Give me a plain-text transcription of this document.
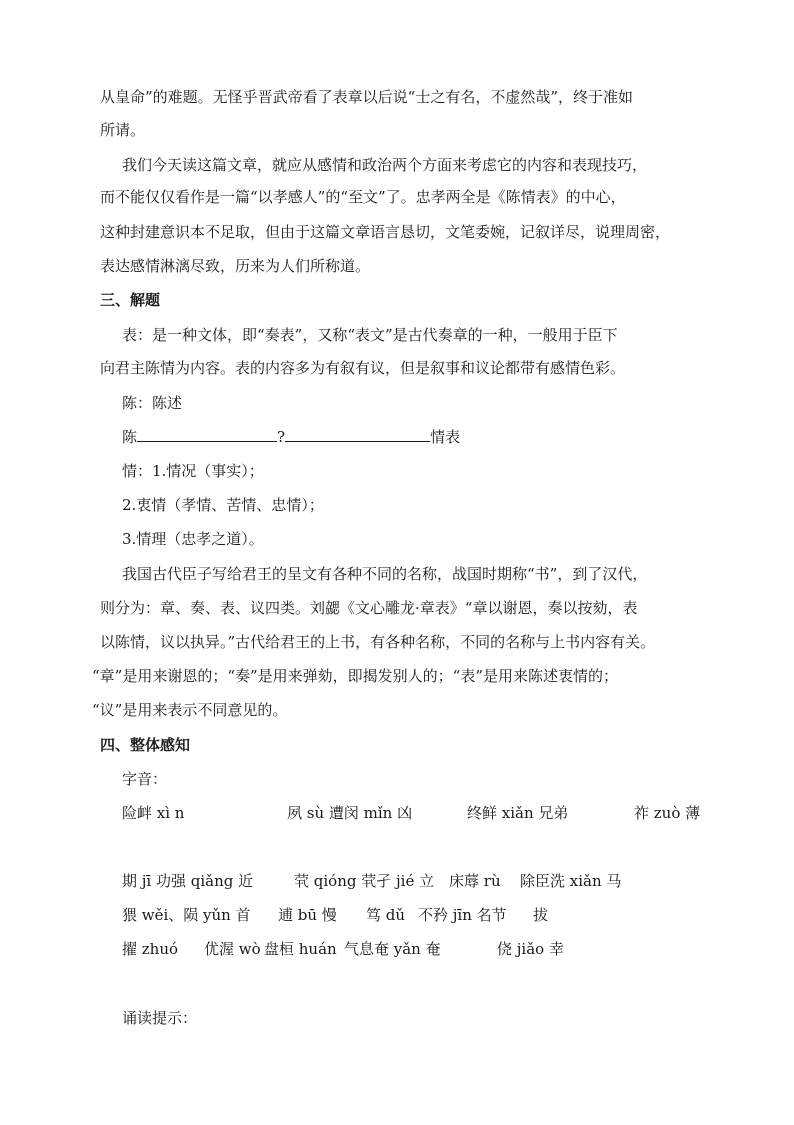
从皇命”的难题。无怪乎晋武帝看了表章以后说“士之有名，不虚然哉”，终于准如
所请。
我们今天读这篇文章，就应从感情和政治两个方面来考虑它的内容和表现技巧，
而不能仅仅看作是一篇“以孝感人”的“至文”了。忠孝两全是《陈情表》的中心，
这种封建意识本不足取，但由于这篇文章语言恳切，文笔委婉，记叙详尽，说理周密，
表达感情淋漓尽致，历来为人们所称道。
三、解题
表：是一种文体，即“奏表”，又称“表文”是古代奏章的一种，一般用于臣下
向君主陈情为内容。表的内容多为有叙有议，但是叙事和议论都带有感情色彩。
陈：陈述
陈	?	情表
情：1.情况（事实）；
2.衷情（孝情、苦情、忠情）；
3.情理（忠孝之道）。
我国古代臣子写给君王的呈文有各种不同的名称，战国时期称“书”，到了汉代，
则分为：章、奏、表、议四类。刘勰《文心雕龙·章表》“章以谢恩，奏以按劾，表
以陈情，议以执异。”古代给君王的上书，有各种名称，不同的名称与上书内容有关。
“章”是用来谢恩的；“奏”是用来弹劾，即揭发别人的；“表”是用来陈述衷情的；
“议”是用来表示不同意见的。
四、整体感知
字音：
险衅 xì n	夙 sù 遭闵 mǐn 凶	终鲜 xiǎn 兄弟	祚 zuò 薄
期 jī 功强 qiǎng 近	茕 qióng 茕孑 jié 立 床蓐 rù 除臣洗 xiǎn 马
猥 wěi、陨 yǔn 首 逋 bū 慢 笃 dǔ 不矜 jīn 名节 拔
擢 zhuó 优渥 wò 盘桓 huán 气息奄 yǎn 奄	侥 jiǎo 幸
诵读提示：
